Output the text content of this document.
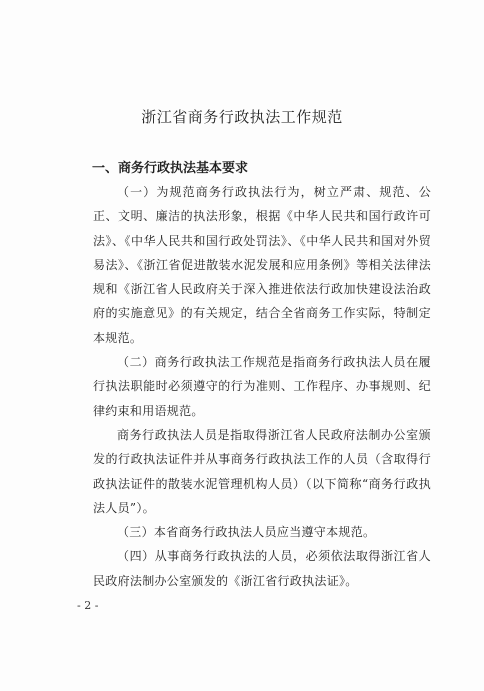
浙江省商务行政执法工作规范
一、商务行政执法基本要求

（一）为规范商务行政执法行为，树立严肃、规范、公正、文明、廉洁的执法形象，根据《中华人民共和国行政许可法》、《中华人民共和国行政处罚法》、《中华人民共和国对外贸易法》、《浙江省促进散装水泥发展和应用条例》等相关法律法规和《浙江省人民政府关于深入推进依法行政加快建设法治政府的实施意见》的有关规定，结合全省商务工作实际，特制定本规范。

（二）商务行政执法工作规范是指商务行政执法人员在履行执法职能时必须遵守的行为准则、工作程序、办事规则、纪律约束和用语规范。

商务行政执法人员是指取得浙江省人民政府法制办公室颁发的行政执法证件并从事商务行政执法工作的人员（含取得行政执法证件的散装水泥管理机构人员）（以下简称“商务行政执法人员”）。

（三）本省商务行政执法人员应当遵守本规范。

（四）从事商务行政执法的人员，必须依法取得浙江省人民政府法制办公室颁发的《浙江省行政执法证》。

- 2 -
